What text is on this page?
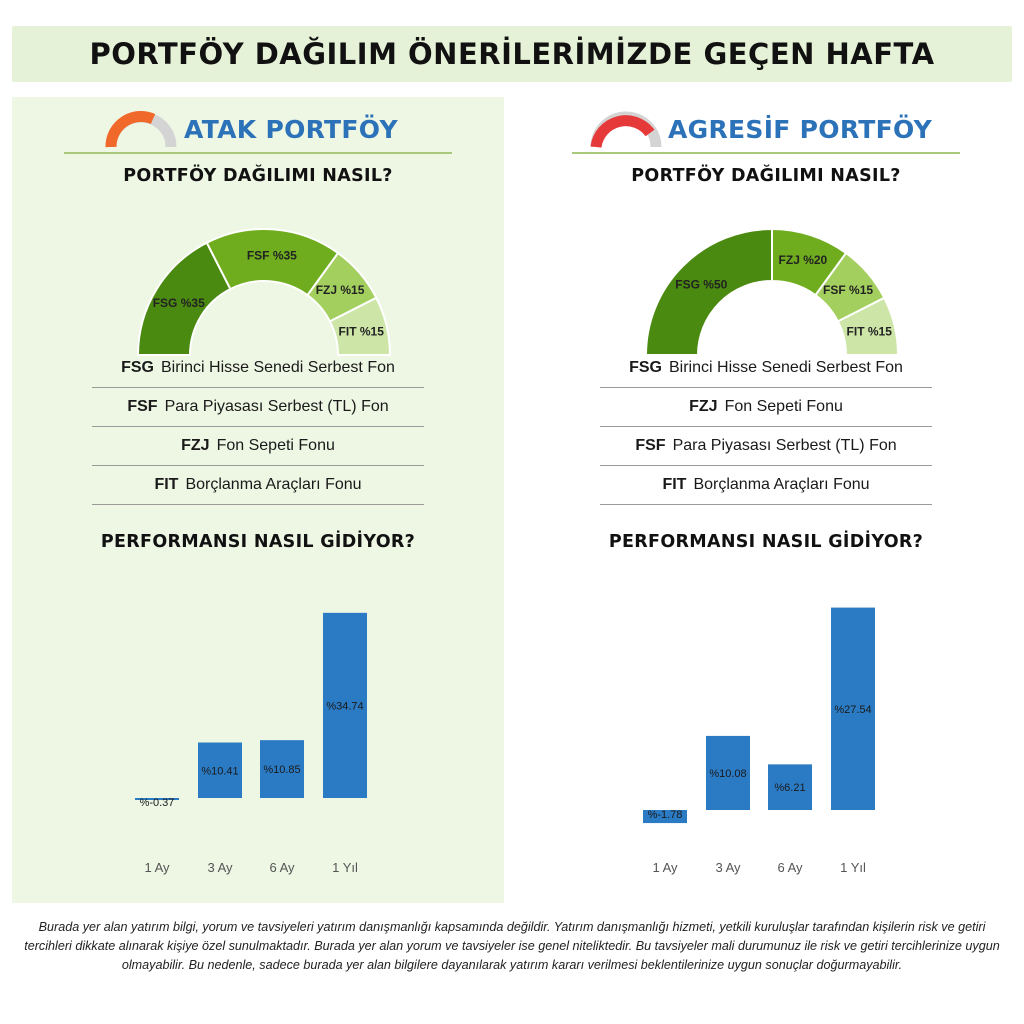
PORTFÖY DAĞILIM ÖNERİLERİMİZDE GEÇEN HAFTA
ATAK PORTFÖY
PORTFÖY DAĞILIMI NASIL?
FSG %35
FSF %35
FZJ %15
FIT %15
FSG Birinci Hisse Senedi Serbest Fon
FSF Para Piyasası Serbest (TL) Fon
FZJ Fon Sepeti Fonu
FIT Borçlanma Araçları Fonu
PERFORMANSI NASIL GİDİYOR?
%-0.37
1 Ay
%10.41
3 Ay
%10.85
6 Ay
%34.74
1 Yıl
AGRESİF PORTFÖY
PORTFÖY DAĞILIMI NASIL?
FSG %50
FZJ %20
FSF %15
FIT %15
FSG Birinci Hisse Senedi Serbest Fon
FZJ Fon Sepeti Fonu
FSF Para Piyasası Serbest (TL) Fon
FIT Borçlanma Araçları Fonu
PERFORMANSI NASIL GİDİYOR?
%-1.78
1 Ay
%10.08
3 Ay
%6.21
6 Ay
%27.54
1 Yıl
Burada yer alan yatırım bilgi, yorum ve tavsiyeleri yatırım danışmanlığı kapsamında değildir. Yatırım danışmanlığı hizmeti, yetkili kuruluşlar tarafından kişilerin risk ve getiri tercihleri dikkate alınarak kişiye özel sunulmaktadır. Burada yer alan yorum ve tavsiyeler ise genel niteliktedir. Bu tavsiyeler mali durumunuz ile risk ve getiri tercihlerinize uygun olmayabilir. Bu nedenle, sadece burada yer alan bilgilere dayanılarak yatırım kararı verilmesi beklentilerinize uygun sonuçlar doğurmayabilir.
